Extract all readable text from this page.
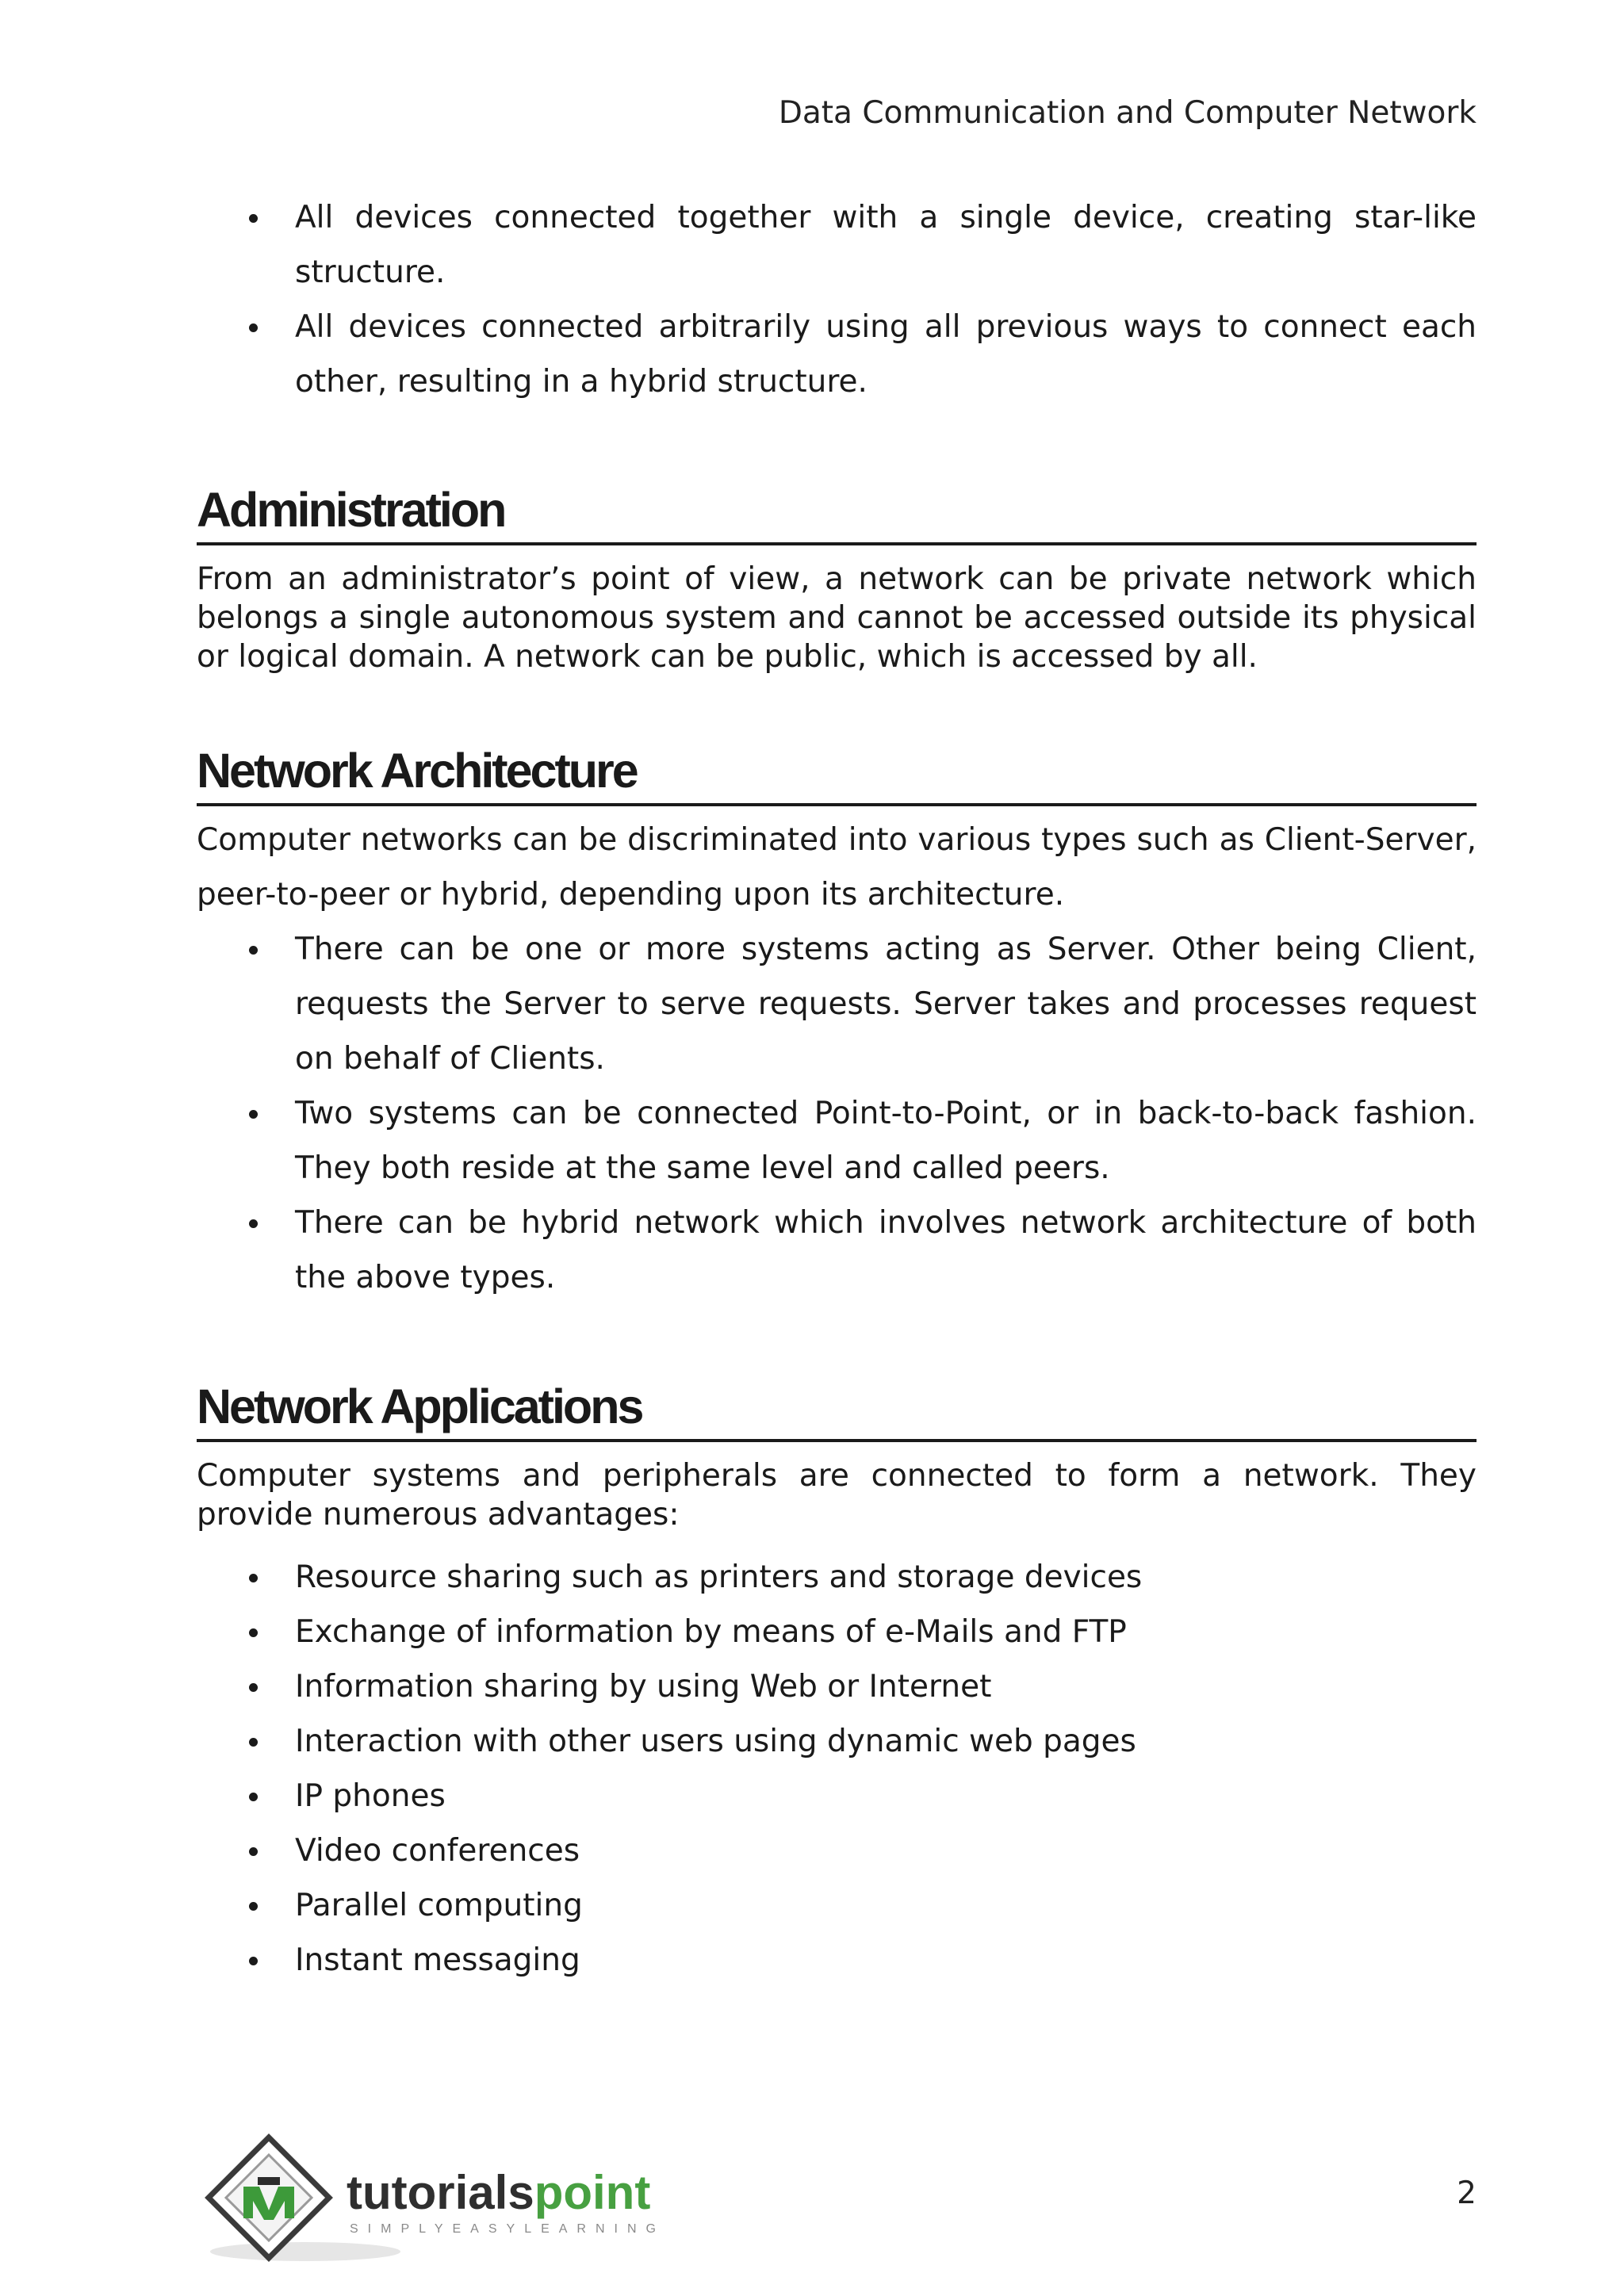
Data Communication and Computer Network
All devices connected together with a single device, creating star-like structure.
All devices connected arbitrarily using all previous ways to connect each other, resulting in a hybrid structure.
Administration

From an administrator’s point of view, a network can be private network which belongs a single autonomous system and cannot be accessed outside its physical or logical domain. A network can be public, which is accessed by all.

Network Architecture

Computer networks can be discriminated into various types such as Client-Server, peer-to-peer or hybrid, depending upon its architecture.

There can be one or more systems acting as Server. Other being Client, requests the Server to serve requests. Server takes and processes request on behalf of Clients.
Two systems can be connected Point-to-Point, or in back-to-back fashion. They both reside at the same level and called peers.
There can be hybrid network which involves network architecture of both the above types.
Network Applications

Computer systems and peripherals are connected to form a network. They provide numerous advantages:

Resource sharing such as printers and storage devices
Exchange of information by means of e-Mails and FTP
Information sharing by using Web or Internet
Interaction with other users using dynamic web pages
IP phones
Video conferences
Parallel computing
Instant messaging
tutorialspoint
SIMPLYEASYLEARNING
2
